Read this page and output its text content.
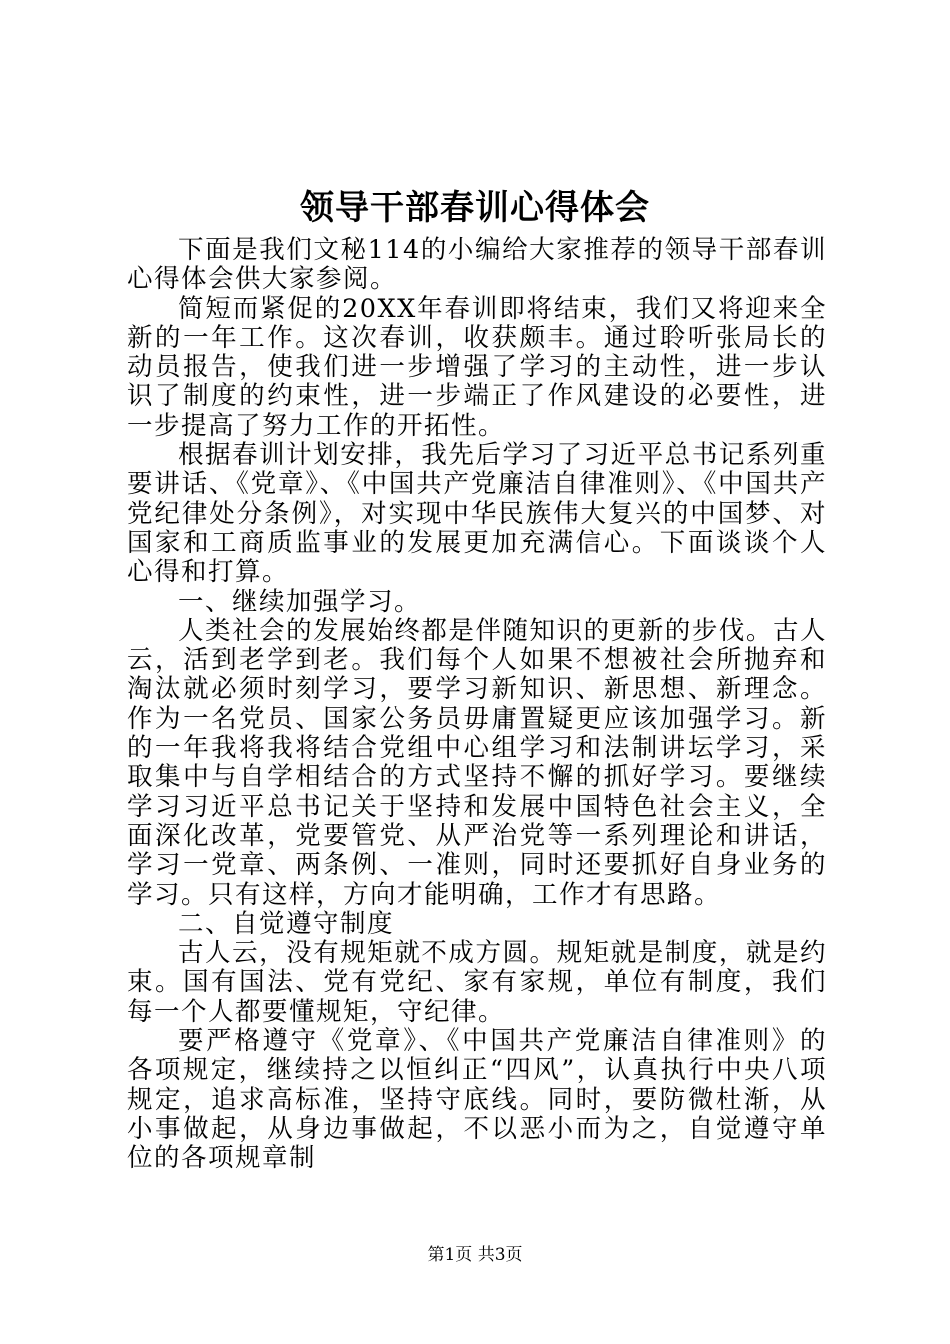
领导干部春训心得体会

下面是我们文秘114的小编给大家推荐的领导干部春训心得体会供大家参阅。

简短而紧促的20XX年春训即将结束，我们又将迎来全新的一年工作。这次春训，收获颇丰。通过聆听张局长的动员报告，使我们进一步增强了学习的主动性，进一步认识了制度的约束性，进一步端正了作风建设的必要性，进一步提高了努力工作的开拓性。

根据春训计划安排，我先后学习了习近平总书记系列重要讲话、《党章》、《中国共产党廉洁自律准则》、《中国共产党纪律处分条例》，对实现中华民族伟大复兴的中国梦、对国家和工商质监事业的发展更加充满信心。下面谈谈个人心得和打算。

一、继续加强学习。

人类社会的发展始终都是伴随知识的更新的步伐。古人云，活到老学到老。我们每个人如果不想被社会所抛弃和淘汰就必须时刻学习，要学习新知识、新思想、新理念。作为一名党员、国家公务员毋庸置疑更应该加强学习。新的一年我将我将结合党组中心组学习和法制讲坛学习，采取集中与自学相结合的方式坚持不懈的抓好学习。要继续学习习近平总书记关于坚持和发展中国特色社会主义，全面深化改革，党要管党、从严治党等一系列理论和讲话，学习一党章、两条例、一准则，同时还要抓好自身业务的学习。只有这样，方向才能明确，工作才有思路。

二、自觉遵守制度

古人云，没有规矩就不成方圆。规矩就是制度，就是约束。国有国法、党有党纪、家有家规，单位有制度，我们每一个人都要懂规矩，守纪律。

要严格遵守《党章》、《中国共产党廉洁自律准则》的各项规定，继续持之以恒纠正“四风”，认真执行中央八项规定，追求高标准，坚持守底线。同时，要防微杜渐，从小事做起，从身边事做起，不以恶小而为之，自觉遵守单位的各项规章制

第1页 共3页
